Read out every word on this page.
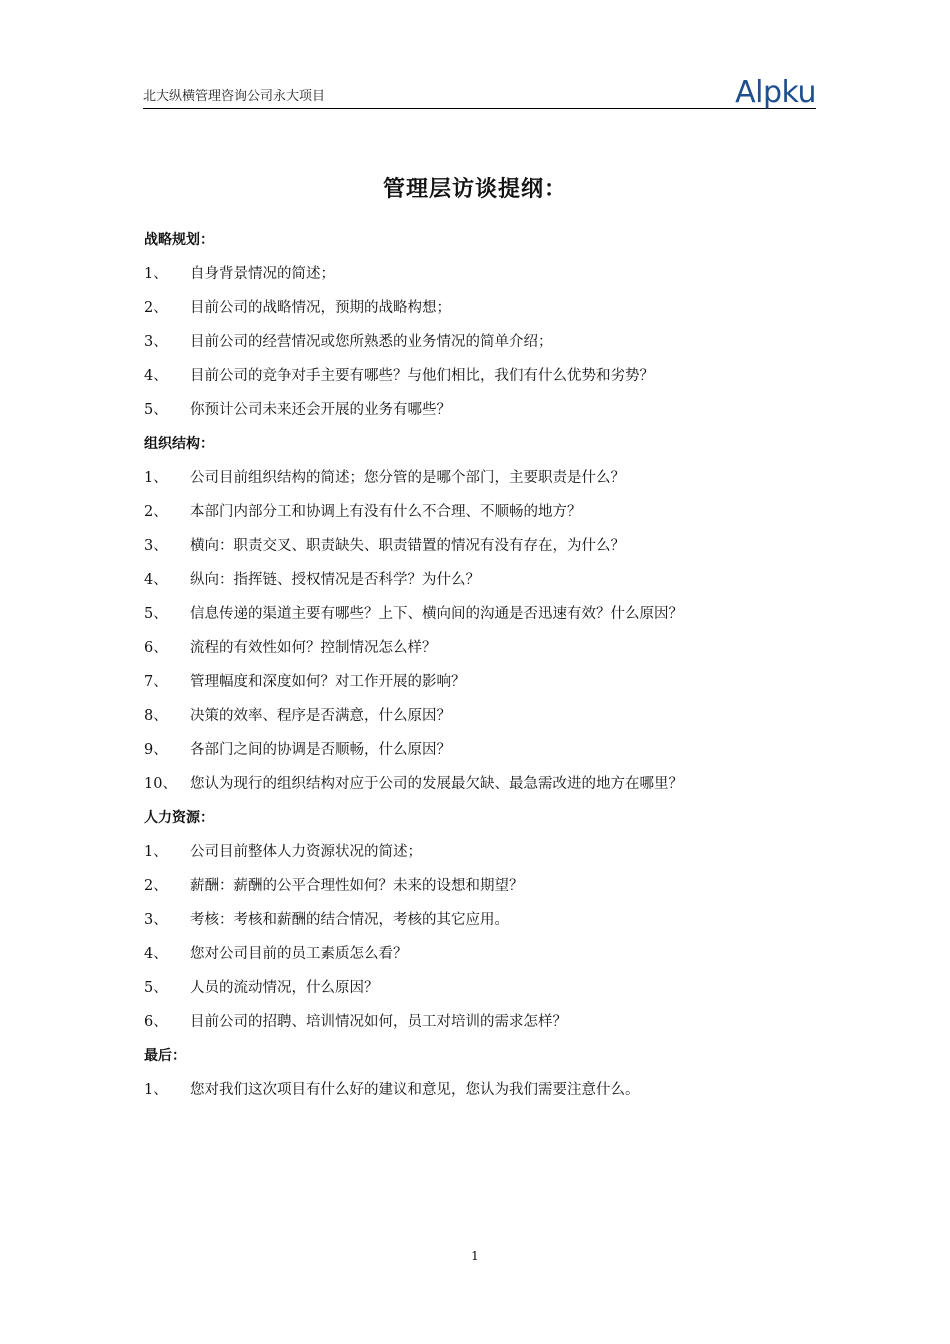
北大纵横管理咨询公司永大项目	Alpku
管理层访谈提纲：
战略规划：
1、 自身背景情况的简述；
2、 目前公司的战略情况，预期的战略构想；
3、 目前公司的经营情况或您所熟悉的业务情况的简单介绍；
4、 目前公司的竞争对手主要有哪些？与他们相比，我们有什么优势和劣势？
5、 你预计公司未来还会开展的业务有哪些？
组织结构：
1、 公司目前组织结构的简述；您分管的是哪个部门，主要职责是什么？
2、 本部门内部分工和协调上有没有什么不合理、不顺畅的地方？
3、 横向：职责交叉、职责缺失、职责错置的情况有没有存在，为什么？
4、 纵向：指挥链、授权情况是否科学？为什么？
5、 信息传递的渠道主要有哪些？上下、横向间的沟通是否迅速有效？什么原因？
6、 流程的有效性如何？控制情况怎么样？
7、 管理幅度和深度如何？对工作开展的影响？
8、 决策的效率、程序是否满意，什么原因？
9、 各部门之间的协调是否顺畅，什么原因？
10、 您认为现行的组织结构对应于公司的发展最欠缺、最急需改进的地方在哪里？
人力资源：
1、 公司目前整体人力资源状况的简述；
2、 薪酬：薪酬的公平合理性如何？未来的设想和期望？
3、 考核：考核和薪酬的结合情况，考核的其它应用。
4、 您对公司目前的员工素质怎么看？
5、 人员的流动情况，什么原因？
6、 目前公司的招聘、培训情况如何，员工对培训的需求怎样？
最后：
1、 您对我们这次项目有什么好的建议和意见，您认为我们需要注意什么。
1
